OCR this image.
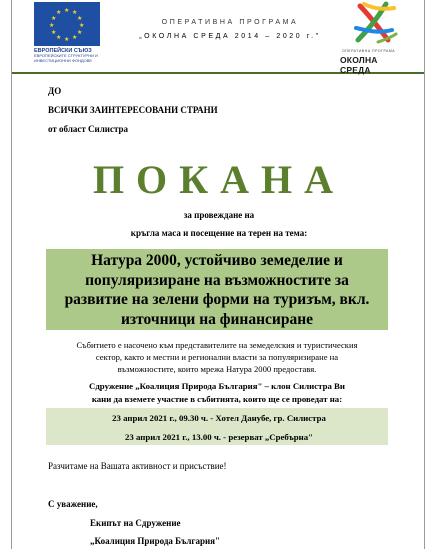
★ ★
★
★
★
★
★
★
★
★
★
★
ЕВРОПЕЙСКИ СЪЮЗ
ЕВРОПЕЙСКИТЕ СТРУКТУРНИ И ИНВЕСТИЦИОННИ ФОНДОВЕ
ОПЕРАТИВНА ПРОГРАМА
„ОКОЛНА СРЕДА 2014 – 2020 г."
ОПЕРАТИВНА ПРОГРАМА
ОКОЛНА СРЕДА
ДО
ВСИЧКИ ЗАИНТЕРЕСОВАНИ СТРАНИ
от област Силистра
ПОКАНА
за провеждане на
кръгла маса и посещение на терен на тема:
Натура 2000, устойчиво земеделие и
популяризиране на възможностите за
развитие на зелени форми на туризъм, вкл.
източници на финансиране
Събитието е насочено към представителите на земеделския и туристическия
сектор, както и местни и регионални власти за популяризиране на
възможностите, които мрежа Натура 2000 предоставя.
Сдружение „Коалиция Природа България" – клон Силистра Ви
кани да вземете участие в събитията, които ще се проведат на:
23 април 2021 г., 09.30 ч. - Хотел Данубе, гр. Силистра
23 април 2021 г., 13.00 ч. - резерват „Сребърна"
Разчитаме на Вашата активност и присъствие!
С уважение,
Екипът на Сдружение
„Коалиция Природа България"
